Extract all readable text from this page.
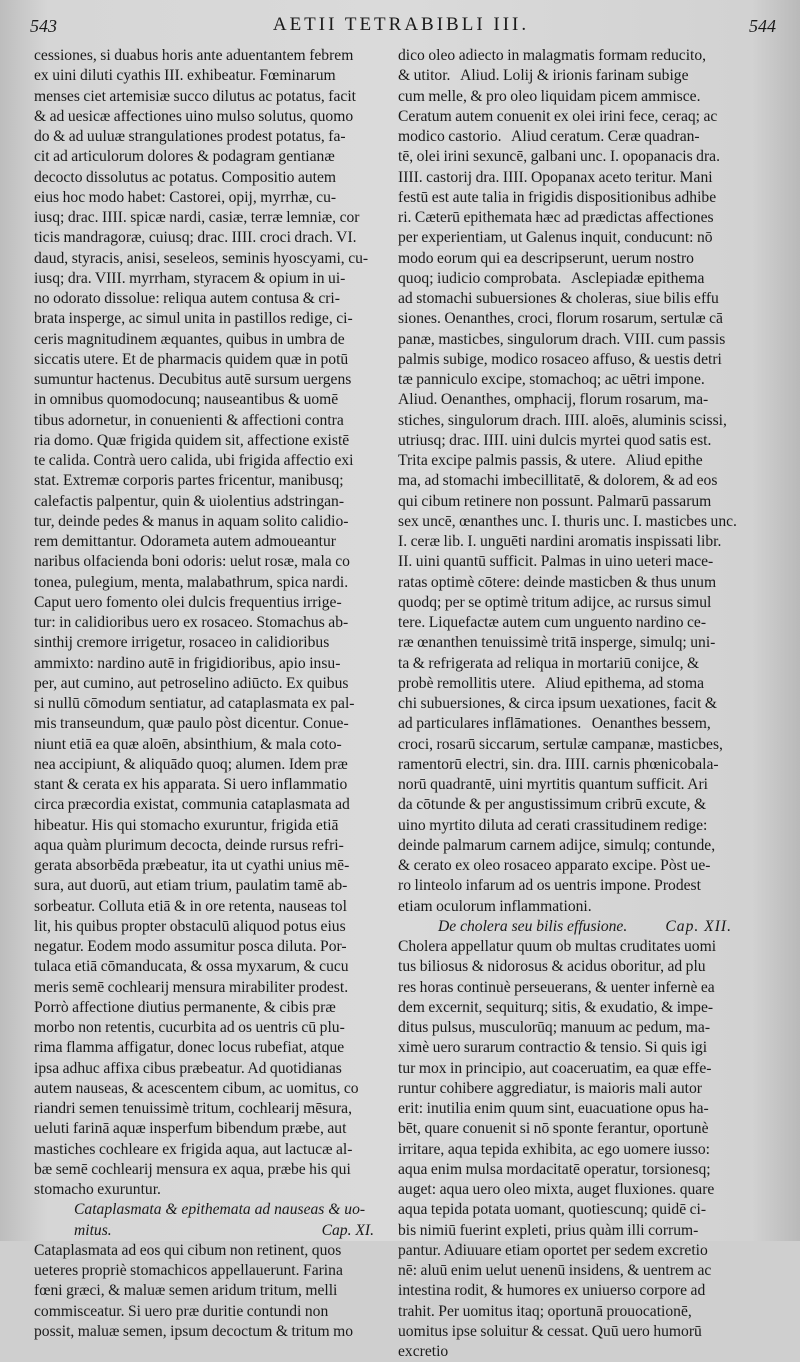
543	AETII TETRABIBLI III.	544

cessiones, si duabus horis ante aduentantem febrem

ex uini diluti cyathis III. exhibeatur. Fœminarum

menses ciet artemisiæ succo dilutus ac potatus, facit

& ad uesicæ affectiones uino mulso solutus, quomo

do & ad uuluæ strangulationes prodest potatus, fa-

cit ad articulorum dolores & podagram gentianæ

decocto dissolutus ac potatus. Compositio autem

eius hoc modo habet: Castorei, opij, myrrhæ, cu-

iusq; drac. IIII. spicæ nardi, casiæ, terræ lemniæ, cor

ticis mandragoræ, cuiusq; drac. IIII. croci drach. VI.

daud, styracis, anisi, seseleos, seminis hyoscyami, cu-

iusq; dra. VIII. myrrham, styracem & opium in ui-

no odorato dissolue: reliqua autem contusa & cri-

brata insperge, ac simul unita in pastillos redige, ci-

ceris magnitudinem æquantes, quibus in umbra de

siccatis utere. Et de pharmacis quidem quæ in potū

sumuntur hactenus. Decubitus autē sursum uergens

in omnibus quomodocunq; nauseantibus & uomē

tibus adornetur, in conuenienti & affectioni contra

ria domo. Quæ frigida quidem sit, affectione existē

te calida. Contrà uero calida, ubi frigida affectio exi

stat. Extremæ corporis partes fricentur, manibusq;

calefactis palpentur, quin & uiolentius adstringan-

tur, deinde pedes & manus in aquam solito calidio-

rem demittantur. Odorameta autem admoueantur

naribus olfacienda boni odoris: uelut rosæ, mala co

tonea, pulegium, menta, malabathrum, spica nardi.

Caput uero fomento olei dulcis frequentius irrige-

tur: in calidioribus uero ex rosaceo. Stomachus ab-

sinthij cremore irrigetur, rosaceo in calidioribus

ammixto: nardino autē in frigidioribus, apio insu-

per, aut cumino, aut petroselino adiūcto. Ex quibus

si nullū cōmodum sentiatur, ad cataplasmata ex pal-

mis transeundum, quæ paulo pòst dicentur. Conue-

niunt etiā ea quæ aloēn, absinthium, & mala coto-

nea accipiunt, & aliquādo quoq; alumen. Idem præ

stant & cerata ex his apparata. Si uero inflammatio

circa præcordia existat, communia cataplasmata ad

hibeatur. His qui stomacho exuruntur, frigida etiā

aqua quàm plurimum decocta, deinde rursus refri-

gerata absorbēda præbeatur, ita ut cyathi unius mē-

sura, aut duorū, aut etiam trium, paulatim tamē ab-

sorbeatur. Colluta etiā & in ore retenta, nauseas tol

lit, his quibus propter obstaculū aliquod potus eius

negatur. Eodem modo assumitur posca diluta. Por-

tulaca etiā cōmanducata, & ossa myxarum, & cucu

meris semē cochlearij mensura mirabiliter prodest.

Porrò affectione diutius permanente, & cibis præ

morbo non retentis, cucurbita ad os uentris cū plu-

rima flamma affigatur, donec locus rubefiat, atque

ipsa adhuc affixa cibus præbeatur. Ad quotidianas

autem nauseas, & acescentem cibum, ac uomitus, co

riandri semen tenuissimè tritum, cochlearij mēsura,

ueluti farinā aquæ insperfum bibendum præbe, aut

mastiches cochleare ex frigida aqua, aut lactucæ al-

bæ semē cochlearij mensura ex aqua, præbe his qui

stomacho exuruntur.

Cataplasmata & epithemata ad nauseas & uo-
mitus.	Cap. XI.

Cataplasmata ad eos qui cibum non retinent, quos

ueteres propriè stomachicos appellauerunt. Farina

fœni græci, & maluæ semen aridum tritum, melli

commisceatur. Si uero præ duritie contundi non

possit, maluæ semen, ipsum decoctum & tritum mo

dico oleo adiecto in malagmatis formam reducito,

& utitor.   Aliud. Lolij & irionis farinam subige

cum melle, & pro oleo liquidam picem ammisce.

Ceratum autem conuenit ex olei irini fece, ceraq; ac

modico castorio.   Aliud ceratum. Ceræ quadran-

tē, olei irini sexuncē, galbani unc. I. opopanacis dra.

IIII. castorij dra. IIII. Opopanax aceto teritur. Mani

festū est aute talia in frigidis dispositionibus adhibe

ri. Cæterū epithemata hæc ad prædictas affectiones

per experientiam, ut Galenus inquit, conducunt: nō

modo eorum qui ea descripserunt, uerum nostro

quoq; iudicio comprobata.   Asclepiadæ epithema

ad stomachi subuersiones & choleras, siue bilis effu

siones. Oenanthes, croci, florum rosarum, sertulæ cā

panæ, masticbes, singulorum drach. VIII. cum passis

palmis subige, modico rosaceo affuso, & uestis detri

tæ panniculo excipe, stomachoq; ac uētri impone.

Aliud. Oenanthes, omphacij, florum rosarum, ma-

stiches, singulorum drach. IIII. aloēs, aluminis scissi,

utriusq; drac. IIII. uini dulcis myrtei quod satis est.

Trita excipe palmis passis, & utere.   Aliud epithe

ma, ad stomachi imbecillitatē, & dolorem, & ad eos

qui cibum retinere non possunt. Palmarū passarum

sex uncē, œnanthes unc. I. thuris unc. I. masticbes unc.

I. ceræ lib. I. unguēti nardini aromatis inspissati libr.

II. uini quantū sufficit. Palmas in uino ueteri mace-

ratas optimè cōtere: deinde masticben & thus unum

quodq; per se optimè tritum adijce, ac rursus simul

tere. Liquefactæ autem cum unguento nardino ce-

ræ œnanthen tenuissimè tritā insperge, simulq; uni-

ta & refrigerata ad reliqua in mortariū conijce, &

probè remollitis utere.   Aliud epithema, ad stoma

chi subuersiones, & circa ipsum uexationes, facit &

ad particulares inflāmationes.   Oenanthes bessem,

croci, rosarū siccarum, sertulæ campanæ, masticbes,

ramentorū electri, sin. dra. IIII. carnis phœnicobala-

norū quadrantē, uini myrtitis quantum sufficit. Ari

da cōtunde & per angustissimum cribrū excute, &

uino myrtito diluta ad cerati crassitudinem redige:

deinde palmarum carnem adijce, simulq; contunde,

& cerato ex oleo rosaceo apparato excipe. Pòst ue-

ro linteolo infarum ad os uentris impone. Prodest

etiam oculorum inflammationi.

De cholera seu bilis effusione. Cap. XII.

Cholera appellatur quum ob multas cruditates uomi

tus biliosus & nidorosus & acidus oboritur, ad plu

res horas continuè perseuerans, & uenter infernè ea

dem excernit, sequiturq; sitis, & exudatio, & impe-

ditus pulsus, musculorūq; manuum ac pedum, ma-

ximè uero surarum contractio & tensio. Si quis igi

tur mox in principio, aut coaceruatim, ea quæ effe-

runtur cohibere aggrediatur, is maioris mali autor

erit: inutilia enim quum sint, euacuatione opus ha-

bēt, quare conuenit si nō sponte ferantur, oportunè

irritare, aqua tepida exhibita, ac ego uomere iusso:

aqua enim mulsa mordacitatē operatur, torsionesq;

auget: aqua uero oleo mixta, auget fluxiones. quare

aqua tepida potata uomant, quotiescunq; quidē ci-

bis nimiū fuerint expleti, prius quàm illi corrum-

pantur. Adiuuare etiam oportet per sedem excretio

nē: aluū enim uelut uenenū insidens, & uentrem ac

intestina rodit, & humores ex uniuerso corpore ad

trahit. Per uomitus itaq; oportunā prouocationē,

uomitus ipse soluitur & cessat. Quū uero humorū

excretio
